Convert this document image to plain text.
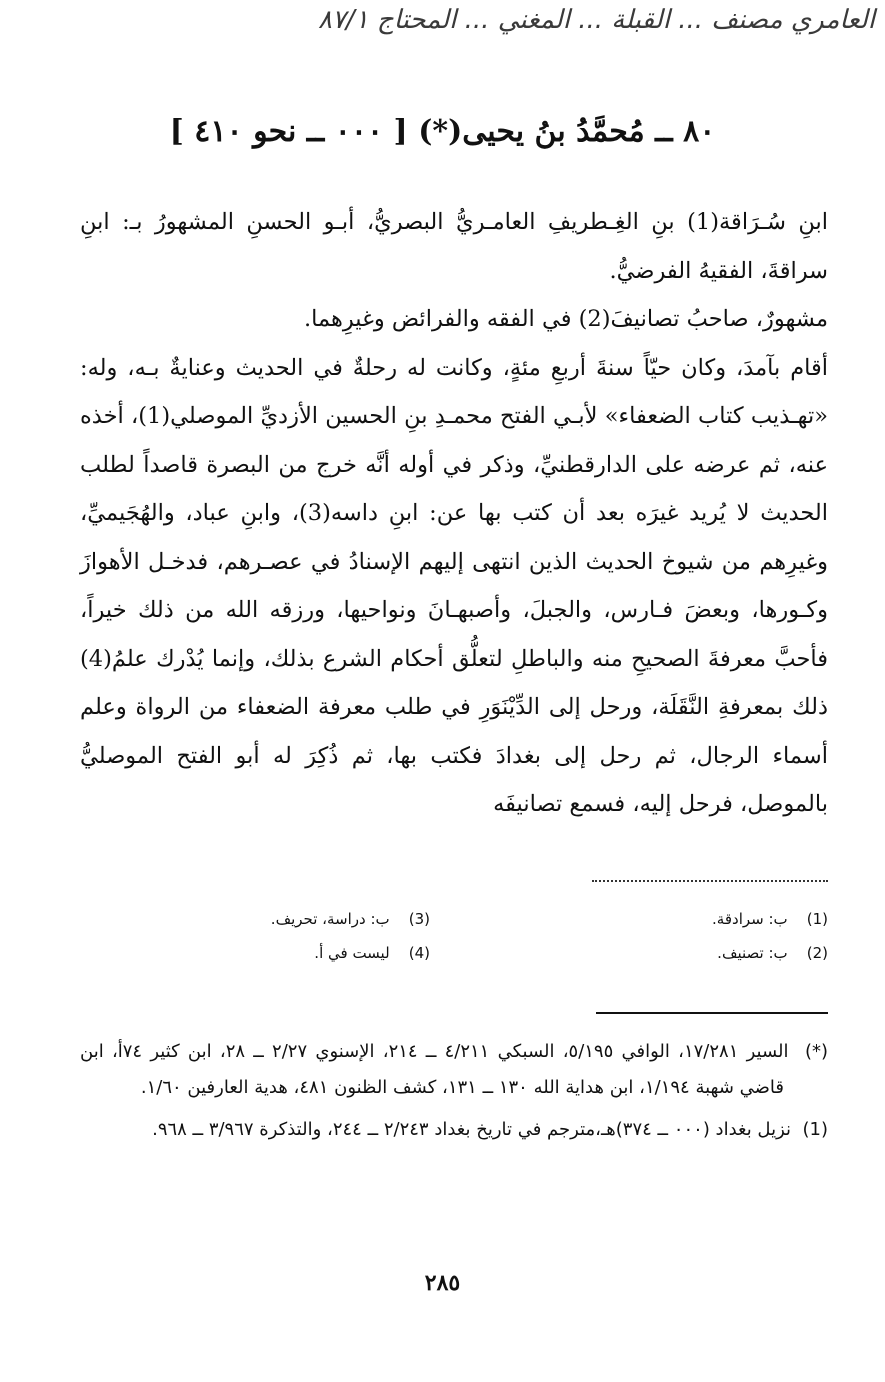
العامري مصنف ... القبلة ... المغني ... المحتاج ٨٧/١
٨٠ ــ مُحمَّدُ بنُ يحيى(*) [ ٠٠٠ ــ نحو ٤١٠ ]

ابنِ سُـرَاقة(1) بنِ الغِـطريفِ العامـريُّ البصريُّ، أبـو الحسنِ المشهورُ بـ: ابنِ سراقةَ، الفقيهُ الفرضيُّ.

مشهورٌ، صاحبُ تصانيفَ(2) في الفقه والفرائض وغيرِهما.

أقام بآمدَ، وكان حيّاً سنةَ أربعِ مئةٍ، وكانت له رحلةٌ في الحديث وعنايةٌ بـه، وله: «تهـذيب كتاب الضعفاء» لأبـي الفتح محمـدِ بنِ الحسين الأزديِّ الموصلي(1)، أخذه عنه، ثم عرضه على الدارقطنيِّ، وذكر في أوله أنَّه خرج من البصرة قاصداً لطلب الحديث لا يُريد غيرَه بعد أن كتب بها عن: ابنِ داسه(3)، وابنِ عباد، والهُجَيميِّ، وغيرِهم من شيوخ الحديث الذين انتهى إليهم الإسنادُ في عصـرهم، فدخـل الأهوازَ وكـورها، وبعضَ فـارس، والجبلَ، وأصبهـانَ ونواحيها، ورزقه الله من ذلك خيراً، فأحبَّ معرفةَ الصحيحِ منه والباطلِ لتعلُّق أحكام الشرع بذلك، وإنما يُدْرك علمُ(4) ذلك بمعرفةِ النَّقَلَة، ورحل إلى الدِّيْنَوَرِ في طلب معرفة الضعفاء من الرواة وعلم أسماء الرجال، ثم رحل إلى بغدادَ فكتب بها، ثم ذُكِرَ له أبو الفتح الموصليُّ بالموصل، فرحل إليه، فسمع تصانيفَه

(1)    ب: سرادقة.
(2)    ب: تصنيف.
(3)    ب: دراسة، تحريف.
(4)    ليست في أ.

(*)  السير ١٧/٢٨١، الوافي ٥/١٩٥، السبكي ٤/٢١١ ــ ٢١٤، الإسنوي ٢/٢٧ ــ ٢٨، ابن كثير ٧٤أ، ابن قاضي شهبة ١/١٩٤، ابن هداية الله ١٣٠ ــ ١٣١، كشف الظنون ٤٨١، هدية العارفين ١/٦٠.

(1)  نزيل بغداد (٠٠٠ ــ ٣٧٤)هـ،مترجم في تاريخ بغداد ٢/٢٤٣ ــ ٢٤٤، والتذكرة ٣/٩٦٧ ــ ٩٦٨.

٢٨٥
